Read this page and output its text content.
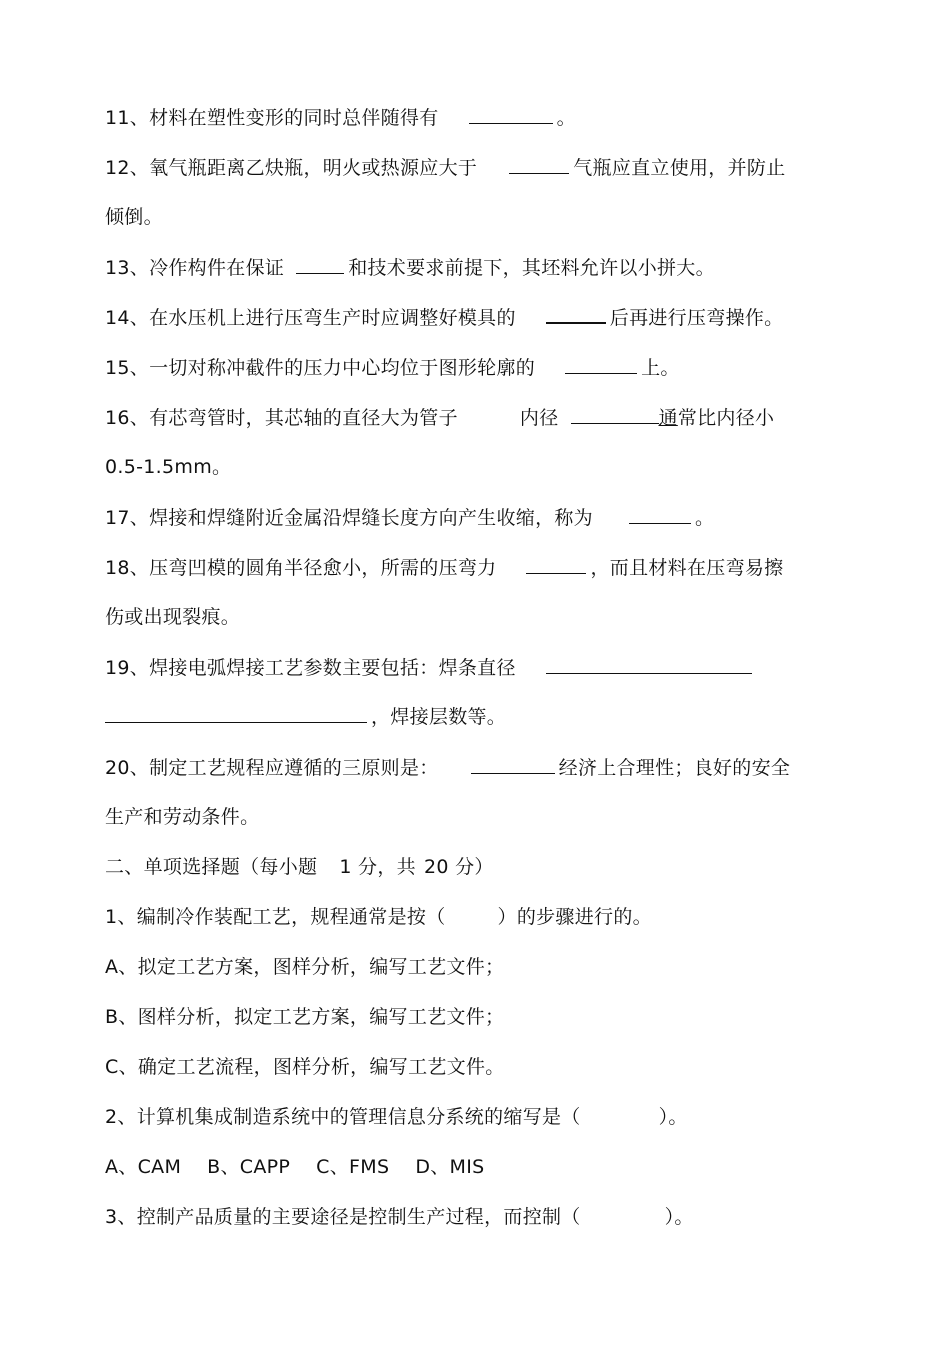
11、材料在塑性变形的同时总伴随得有	。
12、氧气瓶距离乙炔瓶，明火或热源应大于	气瓶应直立使用，并防止
倾倒。
13、冷作构件在保证	和技术要求前提下，其坯料允许以小拼大。
14、在水压机上进行压弯生产时应调整好模具的	后再进行压弯操作。
15、一切对称冲截件的压力中心均位于图形轮廓的	上。
16、有芯弯管时，其芯轴的直径大为管子	内径	通常比内径小
0.5-1.5mm。
17、焊接和焊缝附近金属沿焊缝长度方向产生收缩，称为	。
18、压弯凹模的圆角半径愈小，所需的压弯力	，而且材料在压弯易擦
伤或出现裂痕。
19、焊接电弧焊接工艺参数主要包括：焊条直径
，焊接层数等。
20、制定工艺规程应遵循的三原则是：	经济上合理性；良好的安全
生产和劳动条件。
二、单项选择题（每小题 1 分，共 20 分）
1、编制冷作装配工艺，规程通常是按（	）的步骤进行的。
A、拟定工艺方案，图样分析，编写工艺文件；
B、图样分析，拟定工艺方案，编写工艺文件；
C、确定工艺流程，图样分析，编写工艺文件。
2、计算机集成制造系统中的管理信息分系统的缩写是（	）。
A、CAM B、CAPP C、FMS D、MIS
3、控制产品质量的主要途径是控制生产过程，而控制（	）。
